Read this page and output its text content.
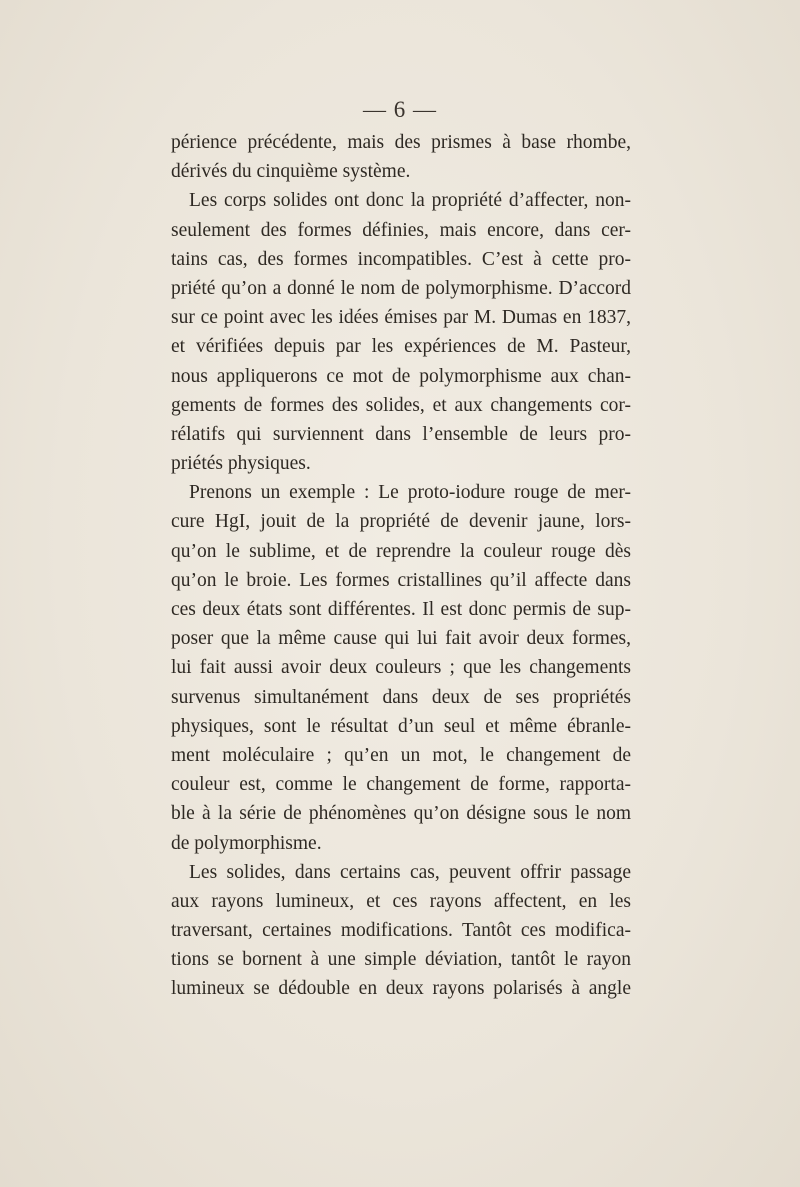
— 6 —
périence précédente, mais des prismes à base rhombe,
dérivés du cinquième système.
Les corps solides ont donc la propriété d’affecter, non-
seulement des formes définies, mais encore, dans cer-
tains cas, des formes incompatibles. C’est à cette pro-
priété qu’on a donné le nom de polymorphisme. D’accord
sur ce point avec les idées émises par M. Dumas en 1837,
et vérifiées depuis par les expériences de M. Pasteur,
nous appliquerons ce mot de polymorphisme aux chan-
gements de formes des solides, et aux changements cor-
rélatifs qui surviennent dans l’ensemble de leurs pro-
priétés physiques.
Prenons un exemple : Le proto-iodure rouge de mer-
cure HgI, jouit de la propriété de devenir jaune, lors-
qu’on le sublime, et de reprendre la couleur rouge dès
qu’on le broie. Les formes cristallines qu’il affecte dans
ces deux états sont différentes. Il est donc permis de sup-
poser que la même cause qui lui fait avoir deux formes,
lui fait aussi avoir deux couleurs ; que les changements
survenus simultanément dans deux de ses propriétés
physiques, sont le résultat d’un seul et même ébranle-
ment moléculaire ; qu’en un mot, le changement de
couleur est, comme le changement de forme, rapporta-
ble à la série de phénomènes qu’on désigne sous le nom
de polymorphisme.
Les solides, dans certains cas, peuvent offrir passage
aux rayons lumineux, et ces rayons affectent, en les
traversant, certaines modifications. Tantôt ces modifica-
tions se bornent à une simple déviation, tantôt le rayon
lumineux se dédouble en deux rayons polarisés à angle
